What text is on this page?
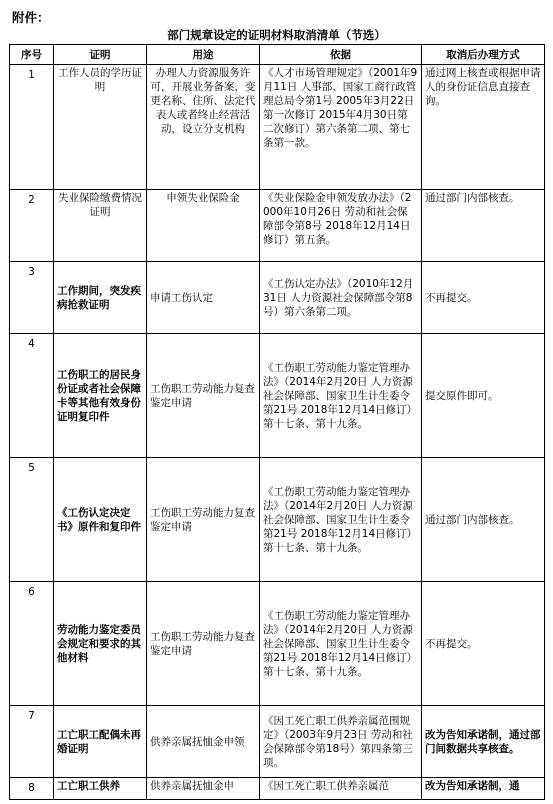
附件：
部门规章设定的证明材料取消清单（节选）
序号	证明	用途	依据	取消后办理方式
1	工作人员的学历证明	办理人力资源服务许可，开展业务备案，变更名称、住所、法定代表人或者终止经营活动，设立分支机构	《人才市场管理规定》（2001年9月11日 人事部、国家工商行政管理总局令第1号 2005年3月22日第一次修订 2015年4月30日第二次修订）第六条第二项、第七条第一款。	通过网上核查或根据申请人的身份证信息直接查询。
2	失业保险缴费情况证明	申领失业保险金	《失业保险金申领发放办法》（2000年10月26日 劳动和社会保障部令第8号 2018年12月14日修订）第五条。	通过部门内部核查。
3	工作期间，突发疾病抢救证明	申请工伤认定	《工伤认定办法》（2010年12月31日 人力资源社会保障部令第8号）第六条第二项。	不再提交。
4	工伤职工的居民身份证或者社会保障卡等其他有效身份证明复印件	工伤职工劳动能力复查鉴定申请	《工伤职工劳动能力鉴定管理办法》（2014年2月20日 人力资源社会保障部、国家卫生计生委令第21号 2018年12月14日修订）第十七条、第十九条。	提交原件即可。
5	《工伤认定决定书》原件和复印件	工伤职工劳动能力复查鉴定申请	《工伤职工劳动能力鉴定管理办法》（2014年2月20日 人力资源社会保障部、国家卫生计生委令第21号 2018年12月14日修订）第十七条、第十九条。	通过部门内部核查。
6	劳动能力鉴定委员会规定和要求的其他材料	工伤职工劳动能力复查鉴定申请	《工伤职工劳动能力鉴定管理办法》（2014年2月20日 人力资源社会保障部、国家卫生计生委令第21号 2018年12月14日修订）第十七条、第十九条。	不再提交。
7	工亡职工配偶未再婚证明	供养亲属抚恤金申领	《因工死亡职工供养亲属范围规定》（2003年9月23日 劳动和社会保障部令第18号）第四条第三项。	改为告知承诺制，通过部门间数据共享核查。
8	工亡职工供养	供养亲属抚恤金申	《因工死亡职工供养亲属范	改为告知承诺制，通
